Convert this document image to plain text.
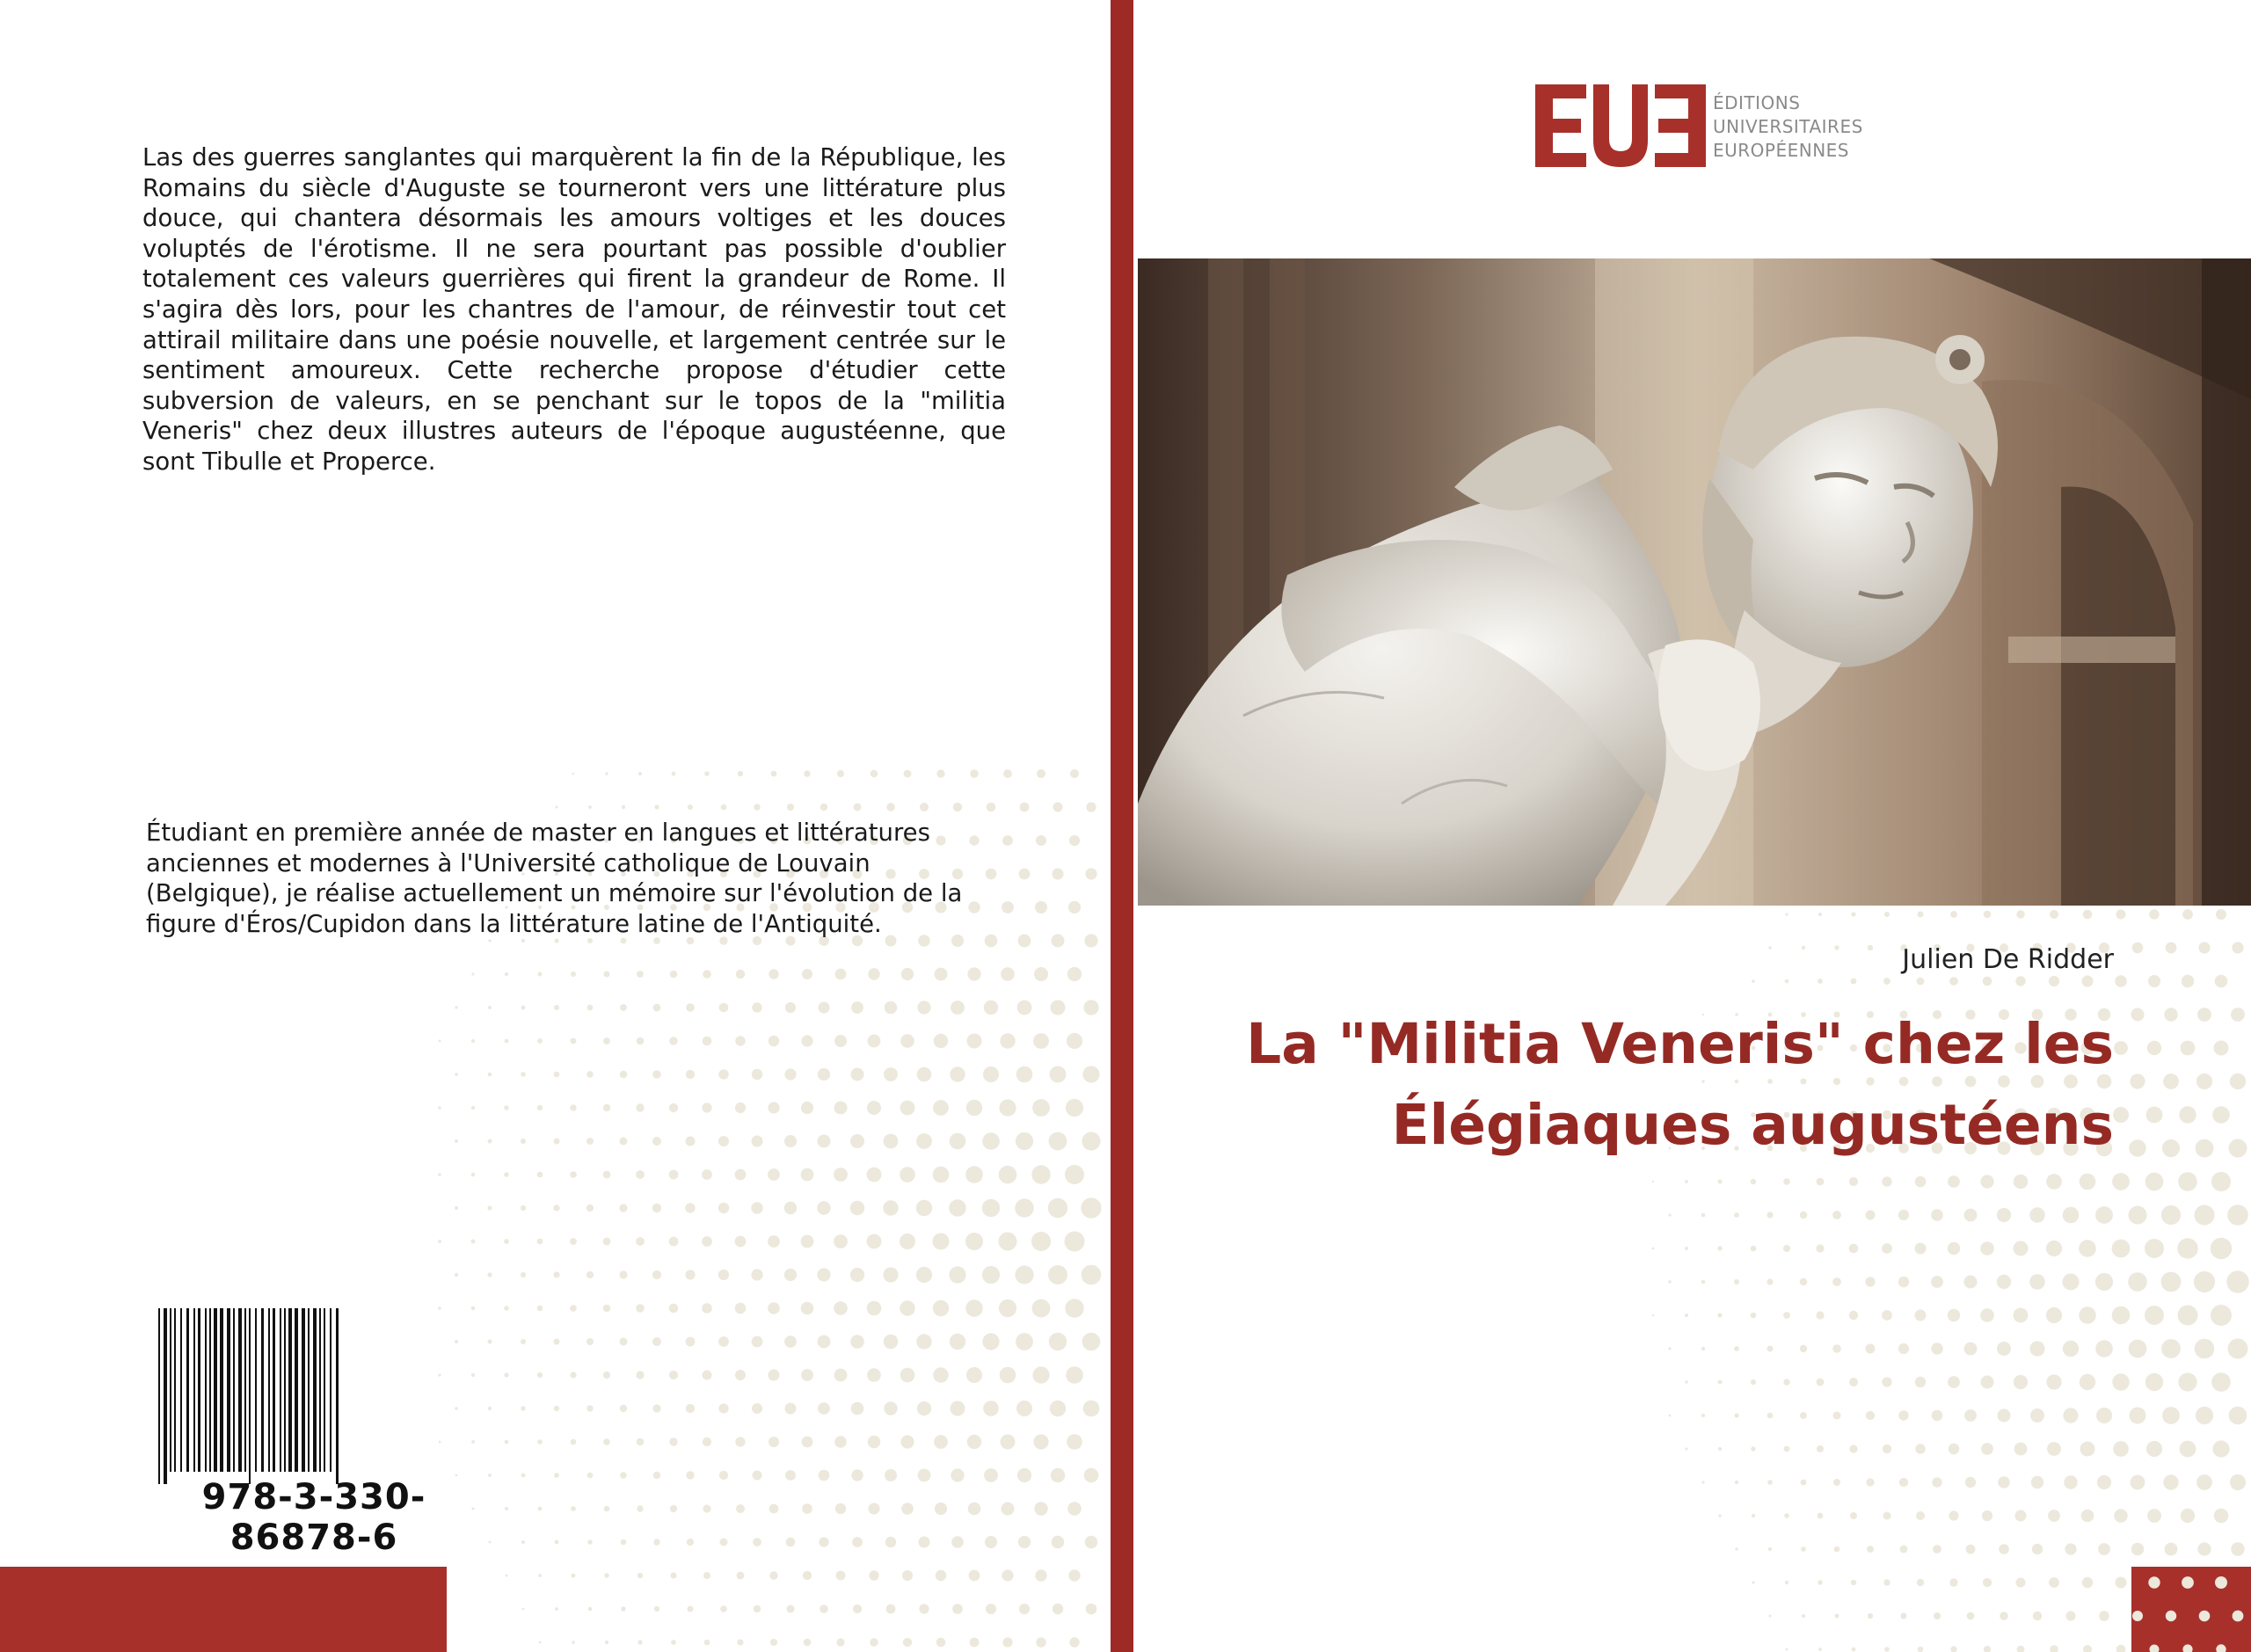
Las des guerres sanglantes qui marquèrent la fin de la République, les Romains du siècle d'Auguste se tourneront vers une littérature plus douce, qui chantera désormais les amours voltiges et les douces voluptés de l'érotisme. Il ne sera pourtant pas possible d'oublier totalement ces valeurs guerrières qui firent la grandeur de Rome. Il s'agira dès lors, pour les chantres de l'amour, de réinvestir tout cet attirail militaire dans une poésie nouvelle, et largement centrée sur le sentiment amoureux. Cette recherche propose d'étudier cette subversion de valeurs, en se penchant sur le topos de la "militia Veneris" chez deux illustres auteurs de l'époque augustéenne, que sont Tibulle et Properce.

Étudiant en première année de master en langues et littératures anciennes et modernes à l'Université catholique de Louvain (Belgique), je réalise actuellement un mémoire sur l'évolution de la figure d'Éros/Cupidon dans la littérature latine de l'Antiquité.

978-3-330-86878-6
ÉDITIONS
UNIVERSITAIRES
EUROPÉENNES
Julien De Ridder
La "Militia Veneris" chez les
Élégiaques augustéens
